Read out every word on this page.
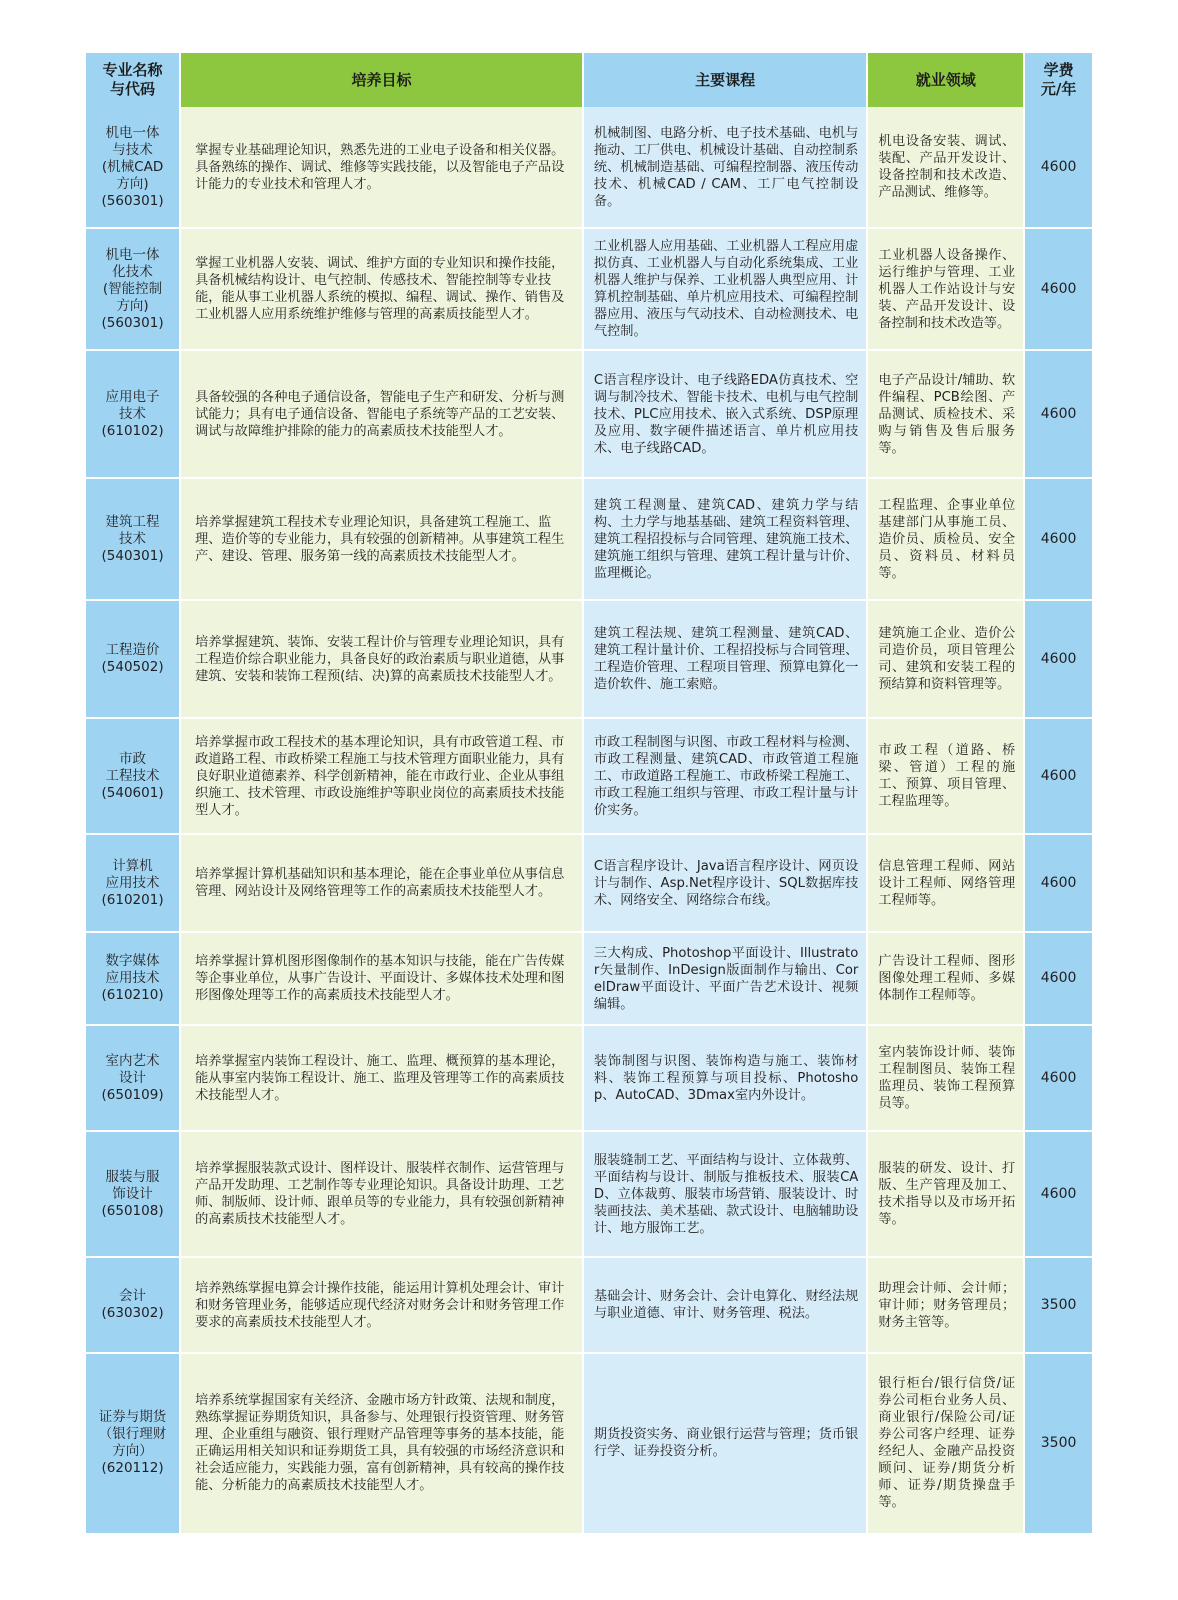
专业名称
与代码	培养目标	主要课程	就业领域	学费
元/年

机电一体
与技术
(机械CAD
方向)
(560301)	掌握专业基础理论知识，熟悉先进的工业电子设备和相关仪器。具备熟练的操作、调试、维修等实践技能，以及智能电子产品设计能力的专业技术和管理人才。	机械制图、电路分析、电子技术基础、电机与拖动、工厂供电、机械设计基础、自动控制系统、机械制造基础、可编程控制器、液压传动技术、机械CAD / CAM、工厂电气控制设备。	机电设备安装、调试、装配、产品开发设计、设备控制和技术改造、产品测试、维修等。	4600

机电一体
化技术
(智能控制
方向)
(560301)	掌握工业机器人安装、调试、维护方面的专业知识和操作技能，具备机械结构设计、电气控制、传感技术、智能控制等专业技能，能从事工业机器人系统的模拟、编程、调试、操作、销售及工业机器人应用系统维护维修与管理的高素质技能型人才。	工业机器人应用基础、工业机器人工程应用虚拟仿真、工业机器人与自动化系统集成、工业机器人维护与保养、工业机器人典型应用、计算机控制基础、单片机应用技术、可编程控制器应用、液压与气动技术、自动检测技术、电气控制。	工业机器人设备操作、运行维护与管理、工业机器人工作站设计与安装、产品开发设计、设备控制和技术改造等。	4600

应用电子
技术
(610102)	具备较强的各种电子通信设备，智能电子生产和研发、分析与测试能力；具有电子通信设备、智能电子系统等产品的工艺安装、调试与故障维护排除的能力的高素质技术技能型人才。	C语言程序设计、电子线路EDA仿真技术、空调与制冷技术、智能卡技术、电机与电气控制技术、PLC应用技术、嵌入式系统、DSP原理及应用、数字硬件描述语言、单片机应用技术、电子线路CAD。	电子产品设计/辅助、软件编程、PCB绘图、产品测试、质检技术、采购与销售及售后服务等。	4600

建筑工程
技术
(540301)	培养掌握建筑工程技术专业理论知识，具备建筑工程施工、监理、造价等的专业能力，具有较强的创新精神。从事建筑工程生产、建设、管理、服务第一线的高素质技术技能型人才。	建筑工程测量、建筑CAD、建筑力学与结构、土力学与地基基础、建筑工程资料管理、建筑工程招投标与合同管理、建筑施工技术、建筑施工组织与管理、建筑工程计量与计价、监理概论。	工程监理、企事业单位基建部门从事施工员、造价员、质检员、安全员、资料员、材料员等。	4600

工程造价
(540502)	培养掌握建筑、装饰、安装工程计价与管理专业理论知识，具有工程造价综合职业能力，具备良好的政治素质与职业道德，从事建筑、安装和装饰工程预(结、决)算的高素质技术技能型人才。	建筑工程法规、建筑工程测量、建筑CAD、建筑工程计量计价、工程招投标与合同管理、工程造价管理、工程项目管理、预算电算化一造价软件、施工索赔。	建筑施工企业、造价公司造价员，项目管理公司、建筑和安装工程的预结算和资料管理等。	4600

市政
工程技术
(540601)	培养掌握市政工程技术的基本理论知识，具有市政管道工程、市政道路工程、市政桥梁工程施工与技术管理方面职业能力，具有良好职业道德素养、科学创新精神，能在市政行业、企业从事组织施工、技术管理、市政设施维护等职业岗位的高素质技术技能型人才。	市政工程制图与识图、市政工程材料与检测、市政工程测量、建筑CAD、市政管道工程施工、市政道路工程施工、市政桥梁工程施工、市政工程施工组织与管理、市政工程计量与计价实务。	市政工程（道路、桥梁、管道）工程的施工、预算、项目管理、工程监理等。	4600

计算机
应用技术
(610201)	培养掌握计算机基础知识和基本理论，能在企事业单位从事信息管理、网站设计及网络管理等工作的高素质技术技能型人才。	C语言程序设计、Java语言程序设计、网页设计与制作、Asp.Net程序设计、SQL数据库技术、网络安全、网络综合布线。	信息管理工程师、网站设计工程师、网络管理工程师等。	4600

数字媒体
应用技术
(610210)	培养掌握计算机图形图像制作的基本知识与技能，能在广告传媒等企事业单位，从事广告设计、平面设计、多媒体技术处理和图形图像处理等工作的高素质技术技能型人才。	三大构成、Photoshop平面设计、Illustrator矢量制作、InDesign版面制作与输出、CorelDraw平面设计、平面广告艺术设计、视频编辑。	广告设计工程师、图形图像处理工程师、多媒体制作工程师等。	4600

室内艺术
设计
(650109)	培养掌握室内装饰工程设计、施工、监理、概预算的基本理论，能从事室内装饰工程设计、施工、监理及管理等工作的高素质技术技能型人才。	装饰制图与识图、装饰构造与施工、装饰材料、装饰工程预算与项目投标、Photoshop、AutoCAD、3Dmax室内外设计。	室内装饰设计师、装饰工程制图员、装饰工程监理员、装饰工程预算员等。	4600

服装与服
饰设计
(650108)	培养掌握服装款式设计、图样设计、服装样衣制作、运营管理与产品开发助理、工艺制作等专业理论知识。具备设计助理、工艺师、制版师、设计师、跟单员等的专业能力，具有较强创新精神的高素质技术技能型人才。	服装缝制工艺、平面结构与设计、立体裁剪、平面结构与设计、制版与推板技术、服装CAD、立体裁剪、服装市场营销、服装设计、时装画技法、美术基础、款式设计、电脑辅助设计、地方服饰工艺。	服装的研发、设计、打版、生产管理及加工、技术指导以及市场开拓等。	4600

会计
(630302)	培养熟练掌握电算会计操作技能，能运用计算机处理会计、审计和财务管理业务，能够适应现代经济对财务会计和财务管理工作要求的高素质技术技能型人才。	基础会计、财务会计、会计电算化、财经法规与职业道德、审计、财务管理、税法。	助理会计师、会计师；审计师；财务管理员；财务主管等。	3500

证券与期货
（银行理财
方向）
(620112)	培养系统掌握国家有关经济、金融市场方针政策、法规和制度，熟练掌握证券期货知识，具备参与、处理银行投资管理、财务管理、企业重组与融资、银行理财产品管理等事务的基本技能，能正确运用相关知识和证券期货工具，具有较强的市场经济意识和社会适应能力，实践能力强，富有创新精神，具有较高的操作技能、分析能力的高素质技术技能型人才。	期货投资实务、商业银行运营与管理；货币银行学、证券投资分析。	银行柜台/银行信贷/证券公司柜台业务人员、商业银行/保险公司/证券公司客户经理、证券经纪人、金融产品投资顾问、证券/期货分析师、证券/期货操盘手等。	3500
